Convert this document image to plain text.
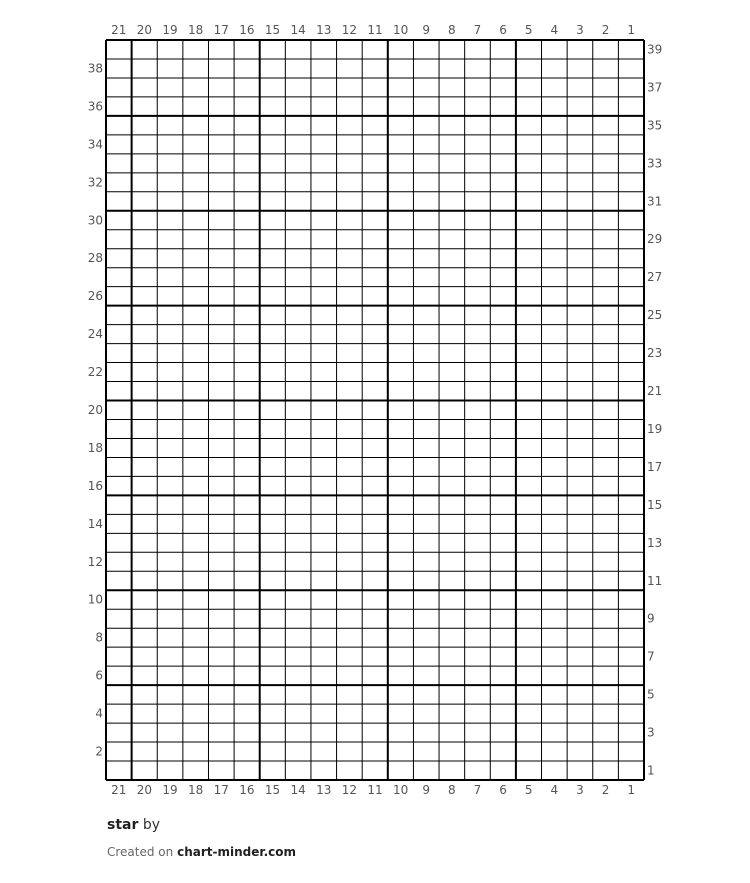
1
1
2
2
3
3
4
4
5
5
6
6
7
7
8
8
9
9
10
10
11
11
12
12
13
13
14
14
15
15
16
16
17
17
18
18
19
19
20
20
21
21
1
2
3
4
5
6
7
8
9
10
11
12
13
14
15
16
17
18
19
20
21
22
23
24
25
26
27
28
29
30
31
32
33
34
35
36
37
38
39
star by
Created on chart-minder.com
